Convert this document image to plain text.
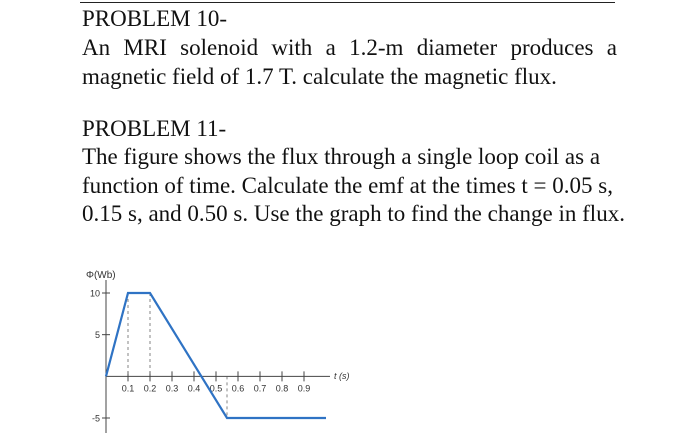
PROBLEM 10-
An MRI solenoid with a 1.2-m diameter produces a magnetic field of 1.7 T. calculate the magnetic flux.
PROBLEM 11-
The figure shows the flux through a single loop coil as a function of time. Calculate the emf at the times t = 0.05 s, 0.15 s, and 0.50 s. Use the graph to find the change in flux.
Φ(Wb)
t (s)
0.1 0.2 0.3 0.4 0.5 0.6 0.7 0.8 0.9
10
5
-5
